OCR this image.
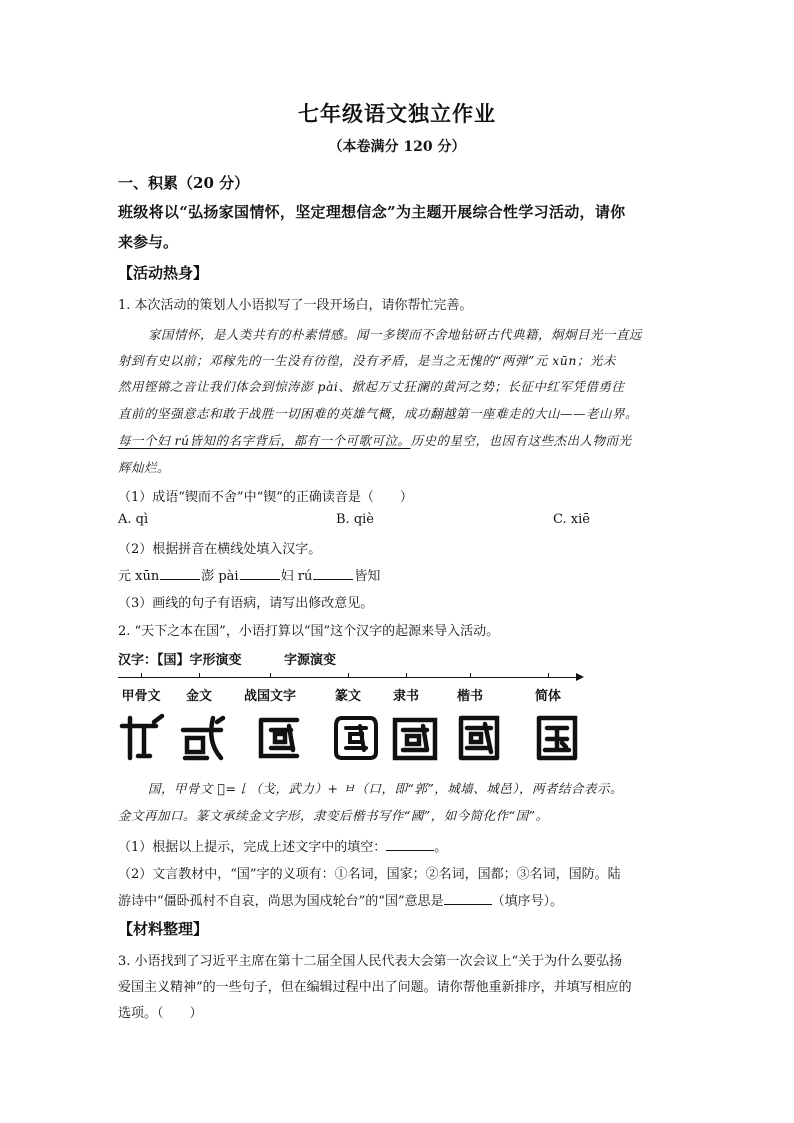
七年级语文独立作业
（本卷满分 120 分）
一、积累（20 分）
班级将以“弘扬家国情怀，坚定理想信念”为主题开展综合性学习活动，请你
来参与。
【活动热身】
1. 本次活动的策划人小语拟写了一段开场白，请你帮忙完善。
家国情怀，是人类共有的朴素情感。闻一多锲而不舍地钻研古代典籍，炯炯目光一直远
射到有史以前；邓稼先的一生没有彷徨，没有矛盾，是当之无愧的“两弹”元 xūn；光未
然用铿锵之音让我们体会到惊涛澎 pài、掀起万丈狂澜的黄河之势；长征中红军凭借勇往
直前的坚强意志和敢于战胜一切困难的英雄气概，成功翻越第一座难走的大山——老山界。
每一个妇 rú皆知的名字背后，都有一个可歌可泣。历史的星空，也因有这些杰出人物而光
辉灿烂。
（1）成语“锲而不舍”中“锲”的正确读音是（　　）
A. qì	B. qiè	C. xiē
（2）根据拼音在横线处填入汉字。
元 xūn	澎 pài	妇 rú	皆知
（3）画线的句子有语病，请写出修改意见。
2. “天下之本在国”，小语打算以“国”这个汉字的起源来导入活动。
汉字：【国】字形演变	字源演变
甲骨文	金文	战国文字	篆文	隶书	楷书	简体
国，甲骨文 𠀂=𠄌（戈，武力）+ ㅂ（口，即“郭”，城墙、城邑），两者结合表示。
金文再加口。篆文承续金文字形，隶变后楷书写作“國”，如今简化作“国”。
（1）根据以上提示，完成上述文字中的填空：	。
（2）文言教材中，“国”字的义项有：①名词，国家；②名词，国都；③名词，国防。陆
游诗中“僵卧孤村不自哀，尚思为国戍轮台”的“国”意思是	（填序号）。
【材料整理】
3. 小语找到了习近平主席在第十二届全国人民代表大会第一次会议上“关于为什么要弘扬
爱国主义精神”的一些句子，但在编辑过程中出了问题。请你帮他重新排序，并填写相应的
选项。（　　）
